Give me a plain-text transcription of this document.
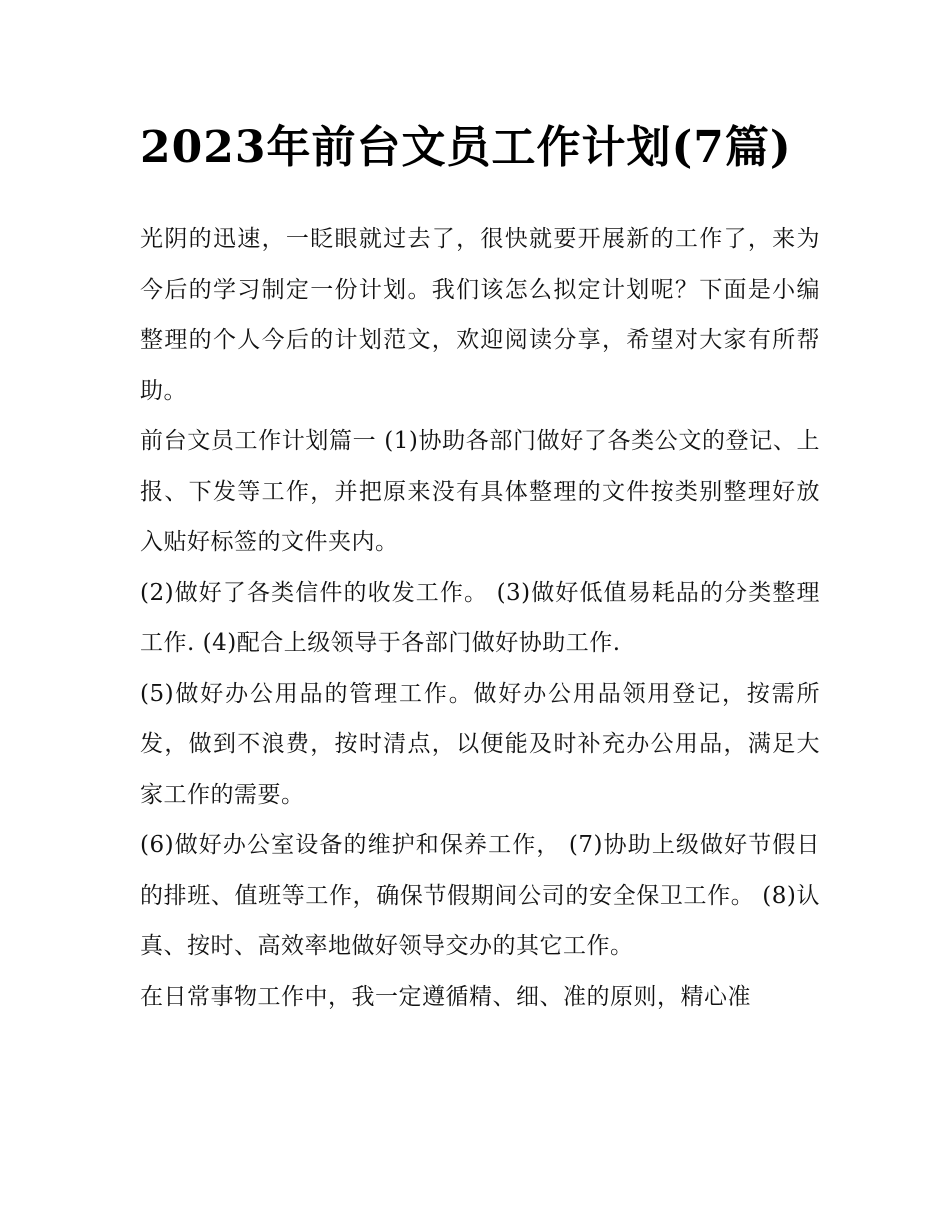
2023年前台文员工作计划(7篇)

光阴的迅速，一眨眼就过去了，很快就要开展新的工作了，来为今后的学习制定一份计划。我们该怎么拟定计划呢？下面是小编整理的个人今后的计划范文，欢迎阅读分享，希望对大家有所帮助。

前台文员工作计划篇一 (1)协助各部门做好了各类公文的登记、上报、下发等工作，并把原来没有具体整理的文件按类别整理好放入贴好标签的文件夹内。

(2)做好了各类信件的收发工作。 (3)做好低值易耗品的分类整理工作. (4)配合上级领导于各部门做好协助工作.

(5)做好办公用品的管理工作。做好办公用品领用登记，按需所发，做到不浪费，按时清点，以便能及时补充办公用品，满足大家工作的需要。

(6)做好办公室设备的维护和保养工作， (7)协助上级做好节假日的排班、值班等工作，确保节假期间公司的安全保卫工作。 (8)认真、按时、高效率地做好领导交办的其它工作。

在日常事物工作中，我一定遵循精、细、准的原则，精心准
